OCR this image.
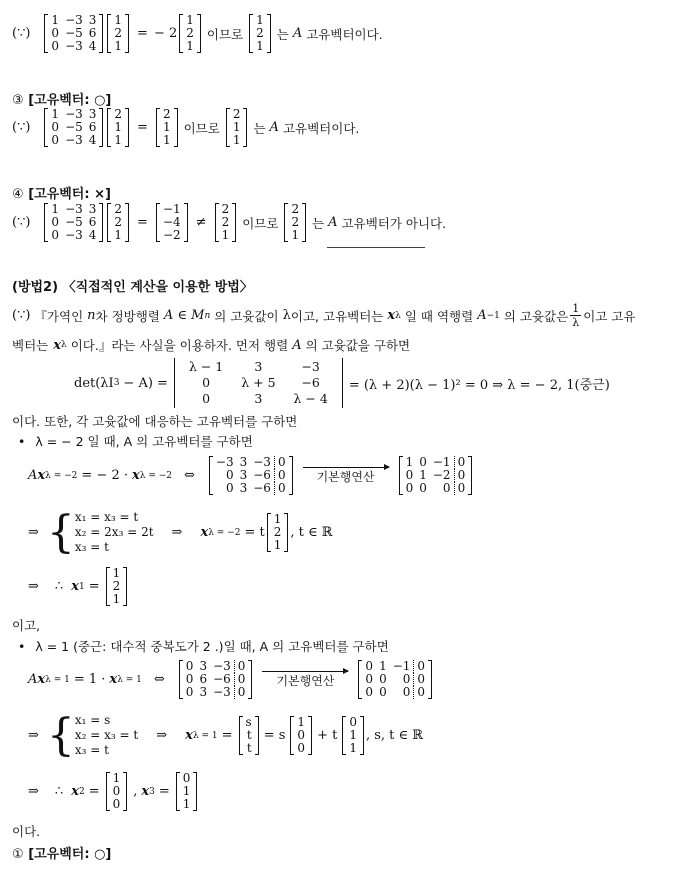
(∵)
1	−3	3
0	−5	6
0	−3	4
1
2
1
= − 2
1
2
1
이므로
1
2
1
는 A 고유벡터이다.
③ [고유벡터: ○]
(∵)
1	−3	3
0	−5	6
0	−3	4
2
1
1
=
2
1
1
이므로
2
1
1
는 A 고유벡터이다.
④ [고유벡터: ×]
(∵)
1	−3	3
0	−5	6
0	−3	4
2
2
1
=
−1
−4
−2
≠
2
2
1
이므로
2
2
1
는 A 고유벡터가 아니다.
(방법2) 〈직접적인 계산을 이용한 방법〉
(∵) 『가역인 n 차 정방행렬 A ∈ M n 의 고윳값이 λ 이고, 고유벡터는 x λ 일 때 역행렬 A −1 의 고윳값은 $\frac{1}{\lambda}$ 이고 고유
벡터는 x λ 이다.』라는 사실을 이용하자. 먼저 행렬 A 의 고윳값을 구하면
det(λI 3 − A) =
λ − 1	3	−3
0	λ + 5	−6
0	3	λ − 4
= (λ + 2)(λ − 1)² = 0 ⇒ λ = − 2, 1(중근)
이다. 또한, 각 고윳값에 대응하는 고유벡터를 구하면
• λ = − 2 일 때, A 의 고유벡터를 구하면
A x λ = −2 = − 2 · x λ = −2 ⇔
−3	3	−3	0
0	3	−6	0
0	3	−6	0
기본행연산
1	0	−1	0
0	1	−2	0
0	0	0	0
⇒ { x₁ = x₃ = t
x₂ = 2x₃ = 2t
x₃ = t
⇒ x λ = −2 = t
1
2
1
, t ∈ ℝ
⇒ ∴ x 1 =
1
2
1
이고,
• λ = 1 (중근: 대수적 중복도가 2 .)일 때, A 의 고유벡터를 구하면
A x λ = 1 = 1 · x λ = 1 ⇔
0	3	−3	0
0	6	−6	0
0	3	−3	0
기본행연산
0	1	−1	0
0	0	0	0
0	0	0	0
⇒ { x₁ = s
x₂ = x₃ = t
x₃ = t
⇒ x λ = 1 =
s
t
t
= s
1
0
0
+ t
0
1
1
, s, t ∈ ℝ
⇒ ∴ x 2 =
1
0
0
, x 3 =
0
1
1
이다.
① [고유벡터: ○]
